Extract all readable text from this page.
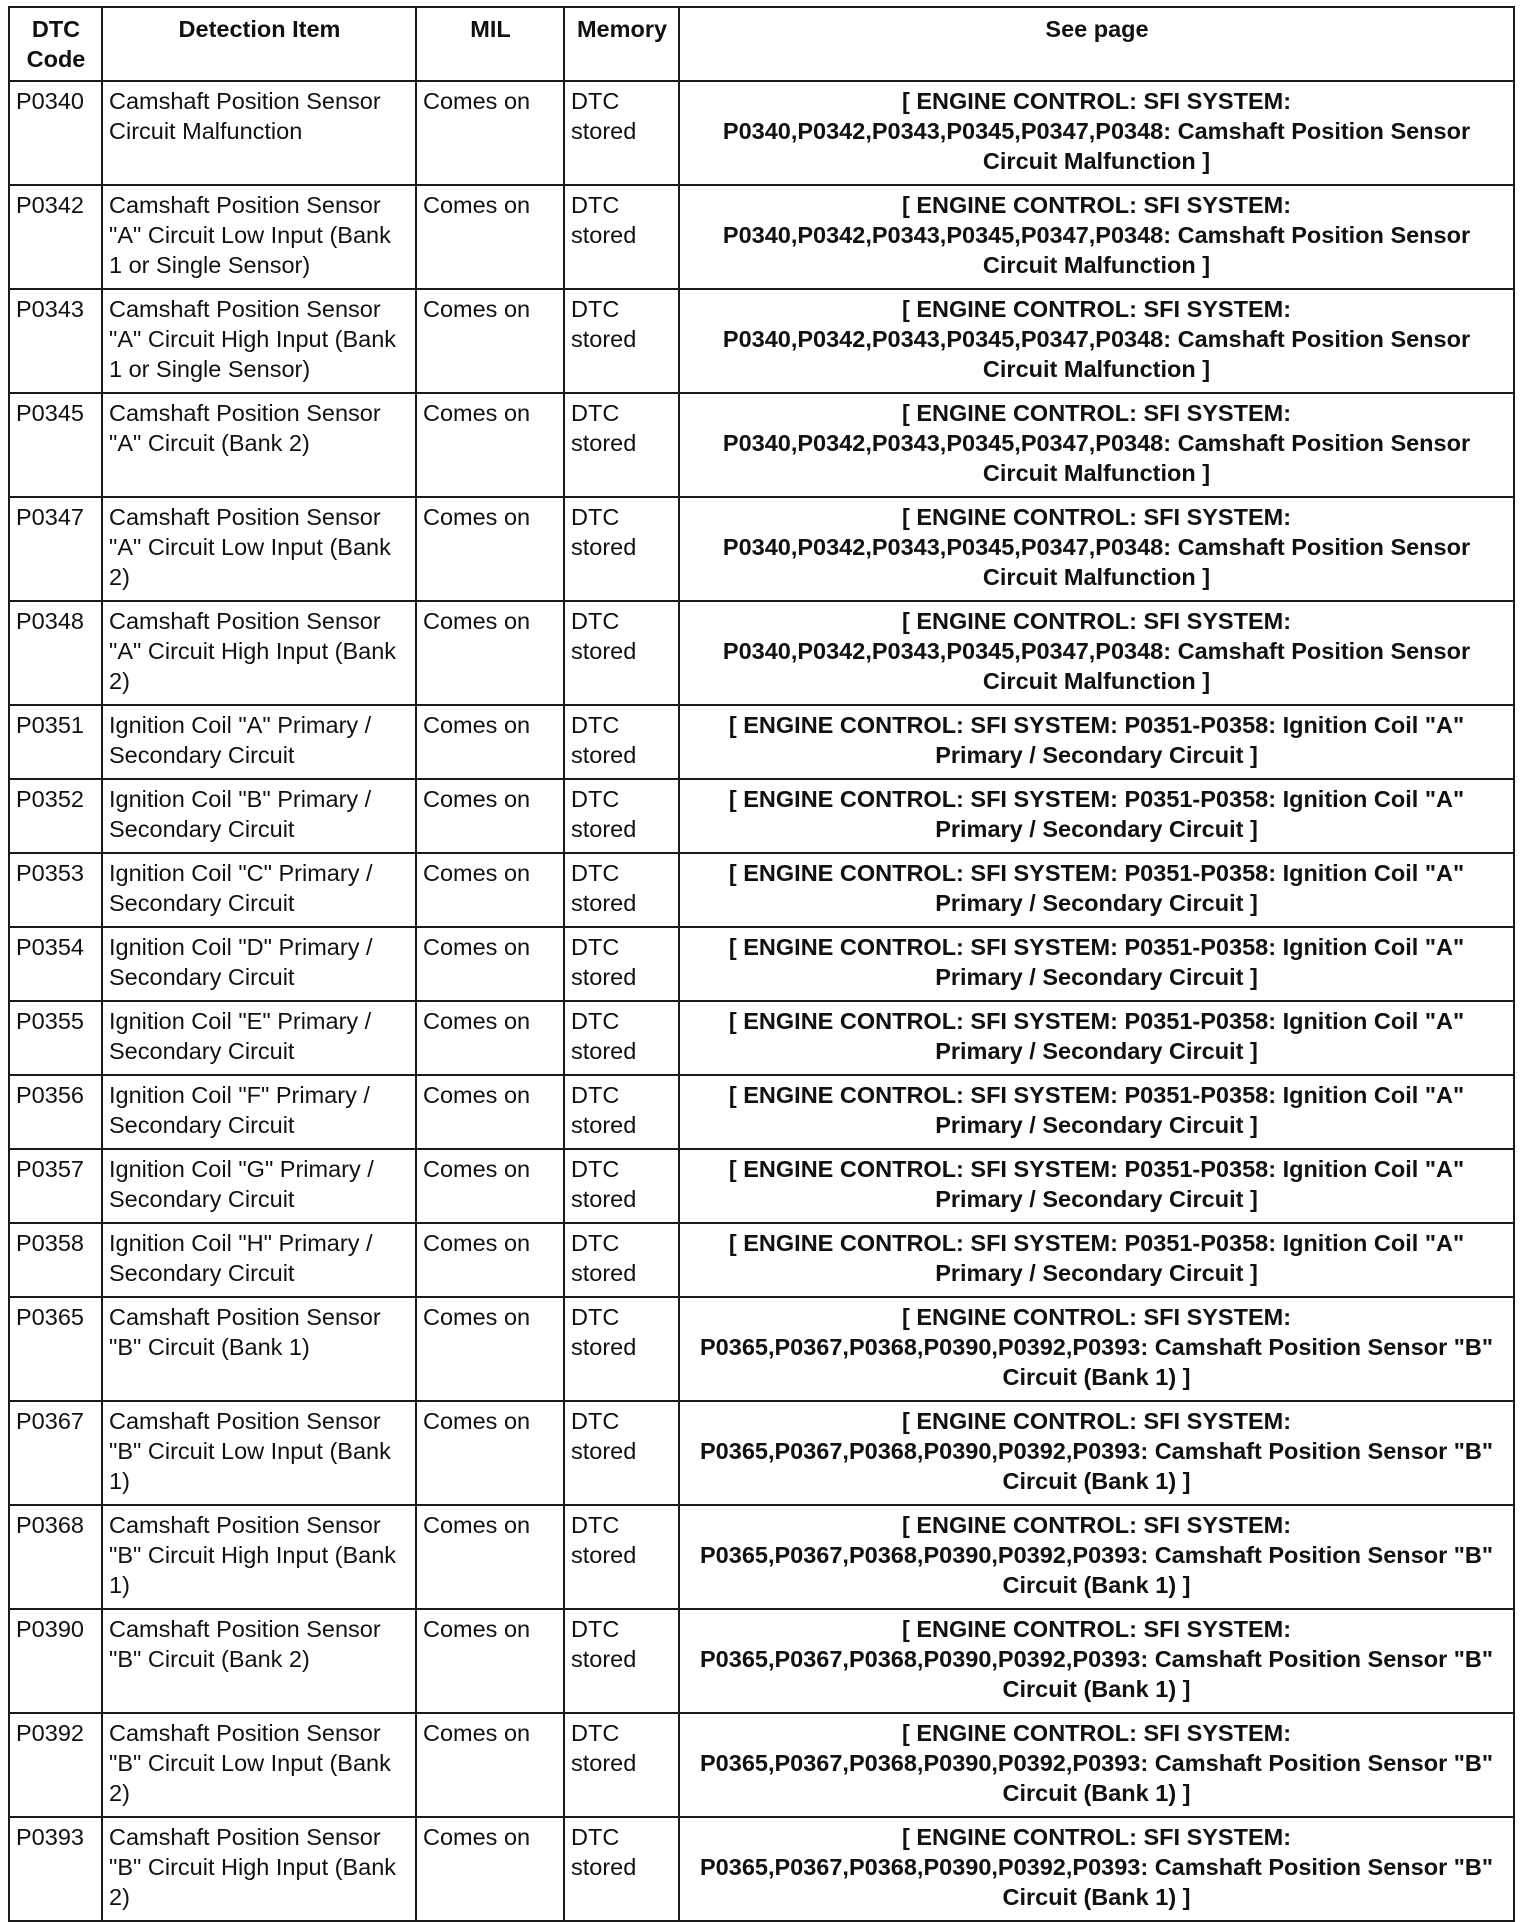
DTC Code	Detection Item	MIL	Memory	See page
P0340	Camshaft Position Sensor Circuit Malfunction	Comes on	DTC stored	[ ENGINE CONTROL: SFI SYSTEM: P0340,P0342,P0343,P0345,P0347,P0348: Camshaft Position Sensor Circuit Malfunction ]
P0342	Camshaft Position Sensor "A" Circuit Low Input (Bank 1 or Single Sensor)	Comes on	DTC stored	[ ENGINE CONTROL: SFI SYSTEM: P0340,P0342,P0343,P0345,P0347,P0348: Camshaft Position Sensor Circuit Malfunction ]
P0343	Camshaft Position Sensor "A" Circuit High Input (Bank 1 or Single Sensor)	Comes on	DTC stored	[ ENGINE CONTROL: SFI SYSTEM: P0340,P0342,P0343,P0345,P0347,P0348: Camshaft Position Sensor Circuit Malfunction ]
P0345	Camshaft Position Sensor "A" Circuit (Bank 2)	Comes on	DTC stored	[ ENGINE CONTROL: SFI SYSTEM: P0340,P0342,P0343,P0345,P0347,P0348: Camshaft Position Sensor Circuit Malfunction ]
P0347	Camshaft Position Sensor "A" Circuit Low Input (Bank 2)	Comes on	DTC stored	[ ENGINE CONTROL: SFI SYSTEM: P0340,P0342,P0343,P0345,P0347,P0348: Camshaft Position Sensor Circuit Malfunction ]
P0348	Camshaft Position Sensor "A" Circuit High Input (Bank 2)	Comes on	DTC stored	[ ENGINE CONTROL: SFI SYSTEM: P0340,P0342,P0343,P0345,P0347,P0348: Camshaft Position Sensor Circuit Malfunction ]
P0351	Ignition Coil "A" Primary / Secondary Circuit	Comes on	DTC stored	[ ENGINE CONTROL: SFI SYSTEM: P0351-P0358: Ignition Coil "A" Primary / Secondary Circuit ]
P0352	Ignition Coil "B" Primary / Secondary Circuit	Comes on	DTC stored	[ ENGINE CONTROL: SFI SYSTEM: P0351-P0358: Ignition Coil "A" Primary / Secondary Circuit ]
P0353	Ignition Coil "C" Primary / Secondary Circuit	Comes on	DTC stored	[ ENGINE CONTROL: SFI SYSTEM: P0351-P0358: Ignition Coil "A" Primary / Secondary Circuit ]
P0354	Ignition Coil "D" Primary / Secondary Circuit	Comes on	DTC stored	[ ENGINE CONTROL: SFI SYSTEM: P0351-P0358: Ignition Coil "A" Primary / Secondary Circuit ]
P0355	Ignition Coil "E" Primary / Secondary Circuit	Comes on	DTC stored	[ ENGINE CONTROL: SFI SYSTEM: P0351-P0358: Ignition Coil "A" Primary / Secondary Circuit ]
P0356	Ignition Coil "F" Primary / Secondary Circuit	Comes on	DTC stored	[ ENGINE CONTROL: SFI SYSTEM: P0351-P0358: Ignition Coil "A" Primary / Secondary Circuit ]
P0357	Ignition Coil "G" Primary / Secondary Circuit	Comes on	DTC stored	[ ENGINE CONTROL: SFI SYSTEM: P0351-P0358: Ignition Coil "A" Primary / Secondary Circuit ]
P0358	Ignition Coil "H" Primary / Secondary Circuit	Comes on	DTC stored	[ ENGINE CONTROL: SFI SYSTEM: P0351-P0358: Ignition Coil "A" Primary / Secondary Circuit ]
P0365	Camshaft Position Sensor "B" Circuit (Bank 1)	Comes on	DTC stored	[ ENGINE CONTROL: SFI SYSTEM: P0365,P0367,P0368,P0390,P0392,P0393: Camshaft Position Sensor "B" Circuit (Bank 1) ]
P0367	Camshaft Position Sensor "B" Circuit Low Input (Bank 1)	Comes on	DTC stored	[ ENGINE CONTROL: SFI SYSTEM: P0365,P0367,P0368,P0390,P0392,P0393: Camshaft Position Sensor "B" Circuit (Bank 1) ]
P0368	Camshaft Position Sensor "B" Circuit High Input (Bank 1)	Comes on	DTC stored	[ ENGINE CONTROL: SFI SYSTEM: P0365,P0367,P0368,P0390,P0392,P0393: Camshaft Position Sensor "B" Circuit (Bank 1) ]
P0390	Camshaft Position Sensor "B" Circuit (Bank 2)	Comes on	DTC stored	[ ENGINE CONTROL: SFI SYSTEM: P0365,P0367,P0368,P0390,P0392,P0393: Camshaft Position Sensor "B" Circuit (Bank 1) ]
P0392	Camshaft Position Sensor "B" Circuit Low Input (Bank 2)	Comes on	DTC stored	[ ENGINE CONTROL: SFI SYSTEM: P0365,P0367,P0368,P0390,P0392,P0393: Camshaft Position Sensor "B" Circuit (Bank 1) ]
P0393	Camshaft Position Sensor "B" Circuit High Input (Bank 2)	Comes on	DTC stored	[ ENGINE CONTROL: SFI SYSTEM: P0365,P0367,P0368,P0390,P0392,P0393: Camshaft Position Sensor "B" Circuit (Bank 1) ]
